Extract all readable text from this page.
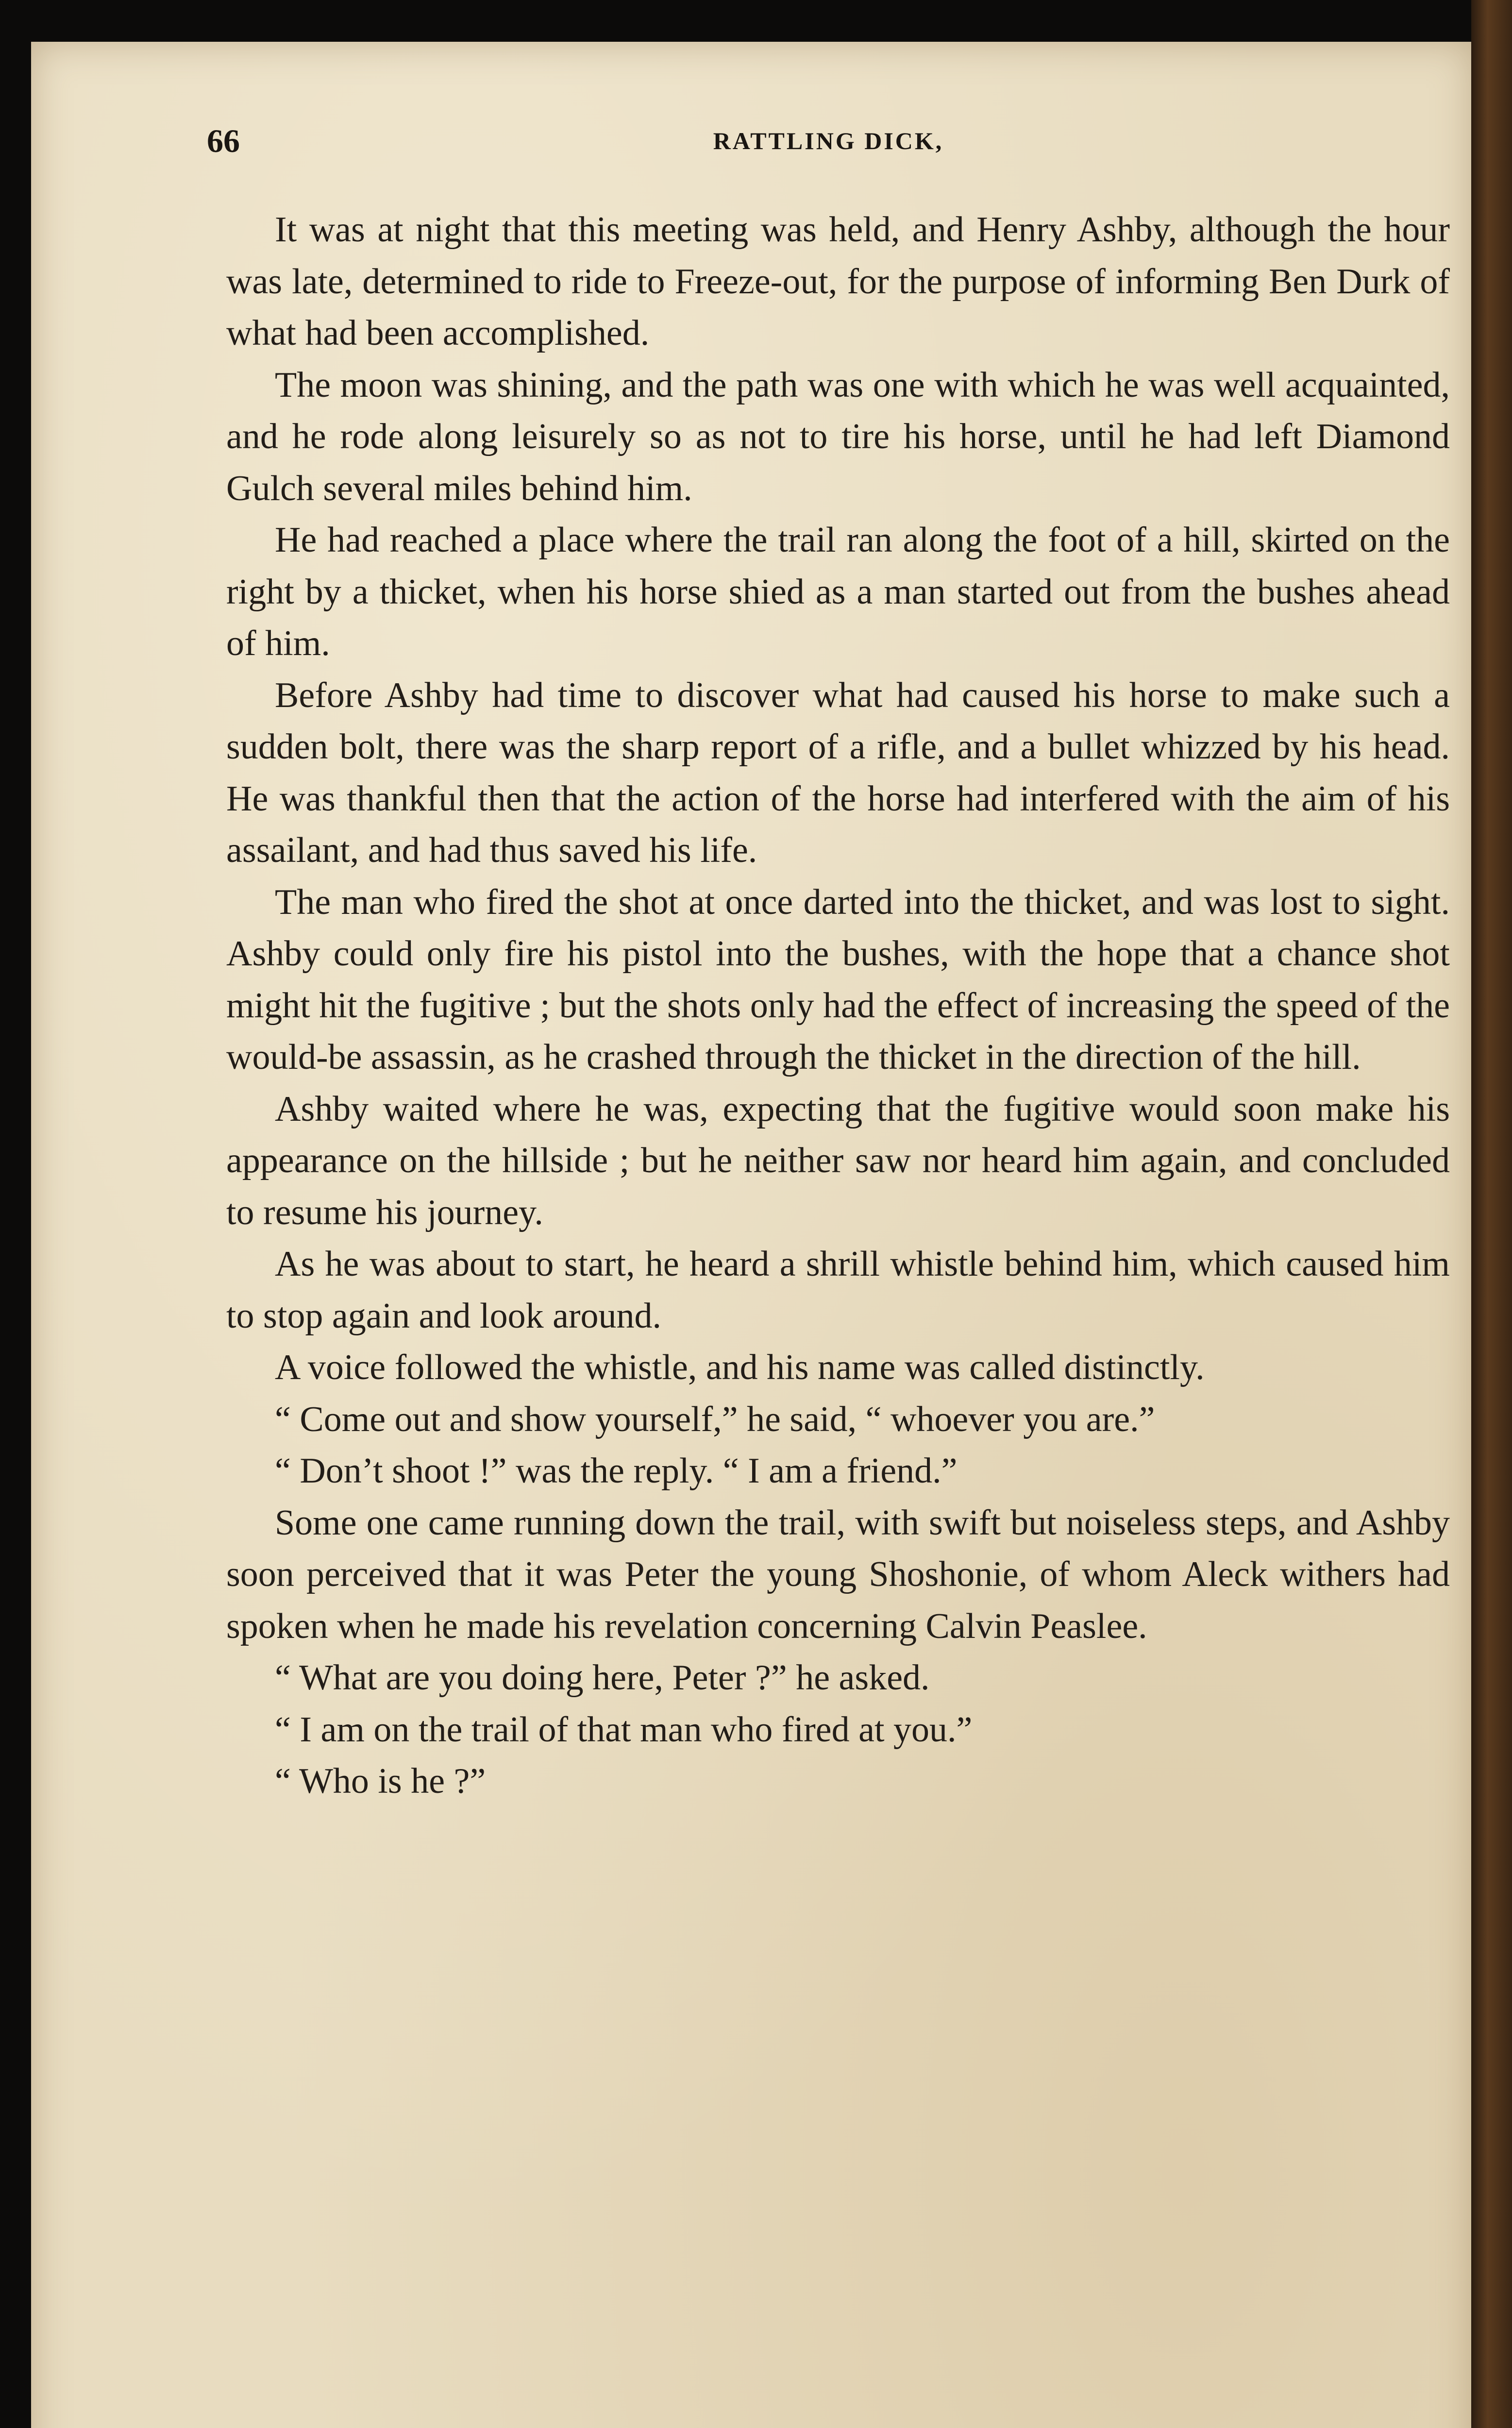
66	RATTLING DICK,

It was at night that this meeting was held, and Henry Ashby, although the hour was late, determined to ride to Freeze-out, for the purpose of informing Ben Durk of what had been accomplished.

The moon was shining, and the path was one with which he was well acquainted, and he rode along leisurely so as not to tire his horse, until he had left Diamond Gulch several miles behind him.

He had reached a place where the trail ran along the foot of a hill, skirted on the right by a thicket, when his horse shied as a man started out from the bushes ahead of him.

Before Ashby had time to discover what had caused his horse to make such a sudden bolt, there was the sharp report of a rifle, and a bullet whizzed by his head. He was thankful then that the action of the horse had interfered with the aim of his assailant, and had thus saved his life.

The man who fired the shot at once darted into the thicket, and was lost to sight. Ashby could only fire his pistol into the bushes, with the hope that a chance shot might hit the fugitive ; but the shots only had the effect of increasing the speed of the would-be assassin, as he crashed through the thicket in the direction of the hill.

Ashby waited where he was, expecting that the fugitive would soon make his appearance on the hillside ; but he neither saw nor heard him again, and concluded to resume his journey.

As he was about to start, he heard a shrill whistle behind him, which caused him to stop again and look around.

A voice followed the whistle, and his name was called distinctly.

“ Come out and show yourself,” he said, “ whoever you are.”

“ Don’t shoot !” was the reply. “ I am a friend.”

Some one came running down the trail, with swift but noiseless steps, and Ashby soon perceived that it was Peter the young Shoshonie, of whom Aleck withers had spoken when he made his revelation concerning Calvin Peaslee.

“ What are you doing here, Peter ?” he asked.

“ I am on the trail of that man who fired at you.”

“ Who is he ?”
